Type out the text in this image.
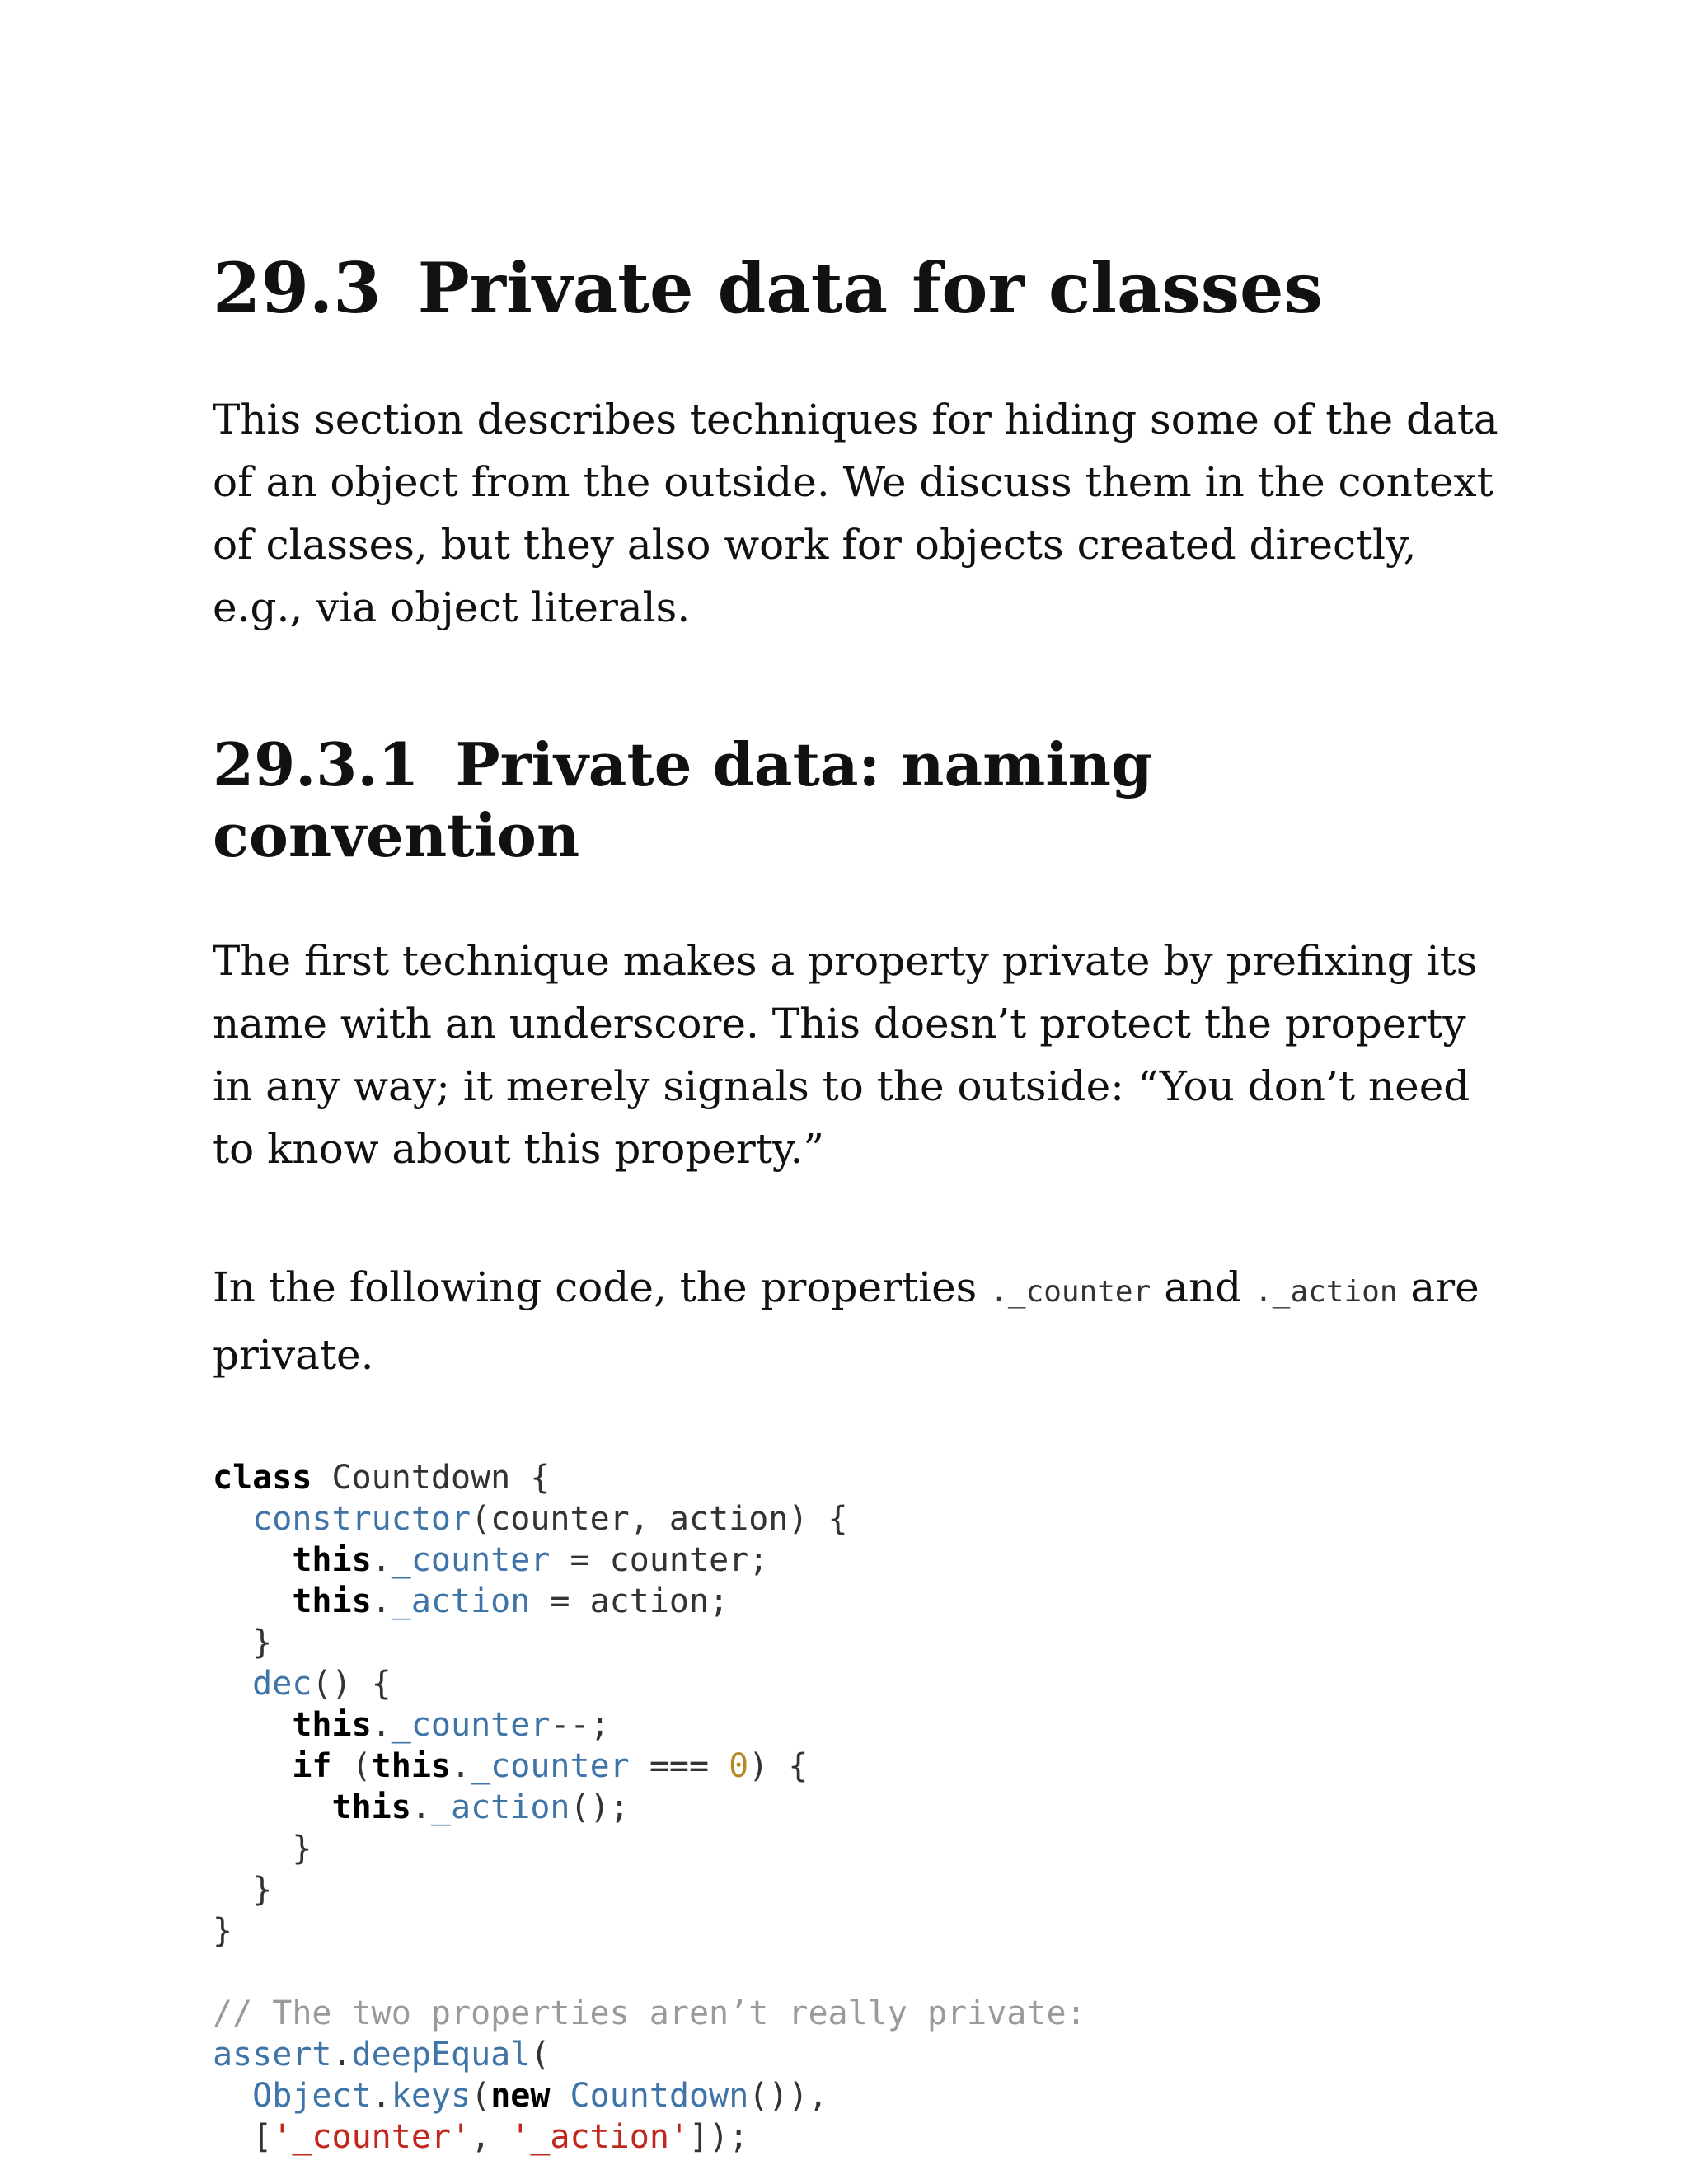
29.3 Private data for classes

This section describes techniques for hiding some of the data of an object from the outside. We discuss them in the context of classes, but they also work for objects created directly, e.g., via object literals.

29.3.1 Private data: naming convention

The first technique makes a property private by prefixing its name with an underscore. This doesn’t protect the property in any way; it merely signals to the outside: “You don’t need to know about this property.”

In the following code, the properties ._counter and ._action are private.

class Countdown {
constructor(counter, action) {
this._counter = counter;
this._action = action;
}
dec() {
this._counter--;
if (this._counter === 0) {
this._action();
}
}
}
// The two properties aren’t really private:
assert.deepEqual(
Object.keys(new Countdown()),
['_counter', '_action']);
